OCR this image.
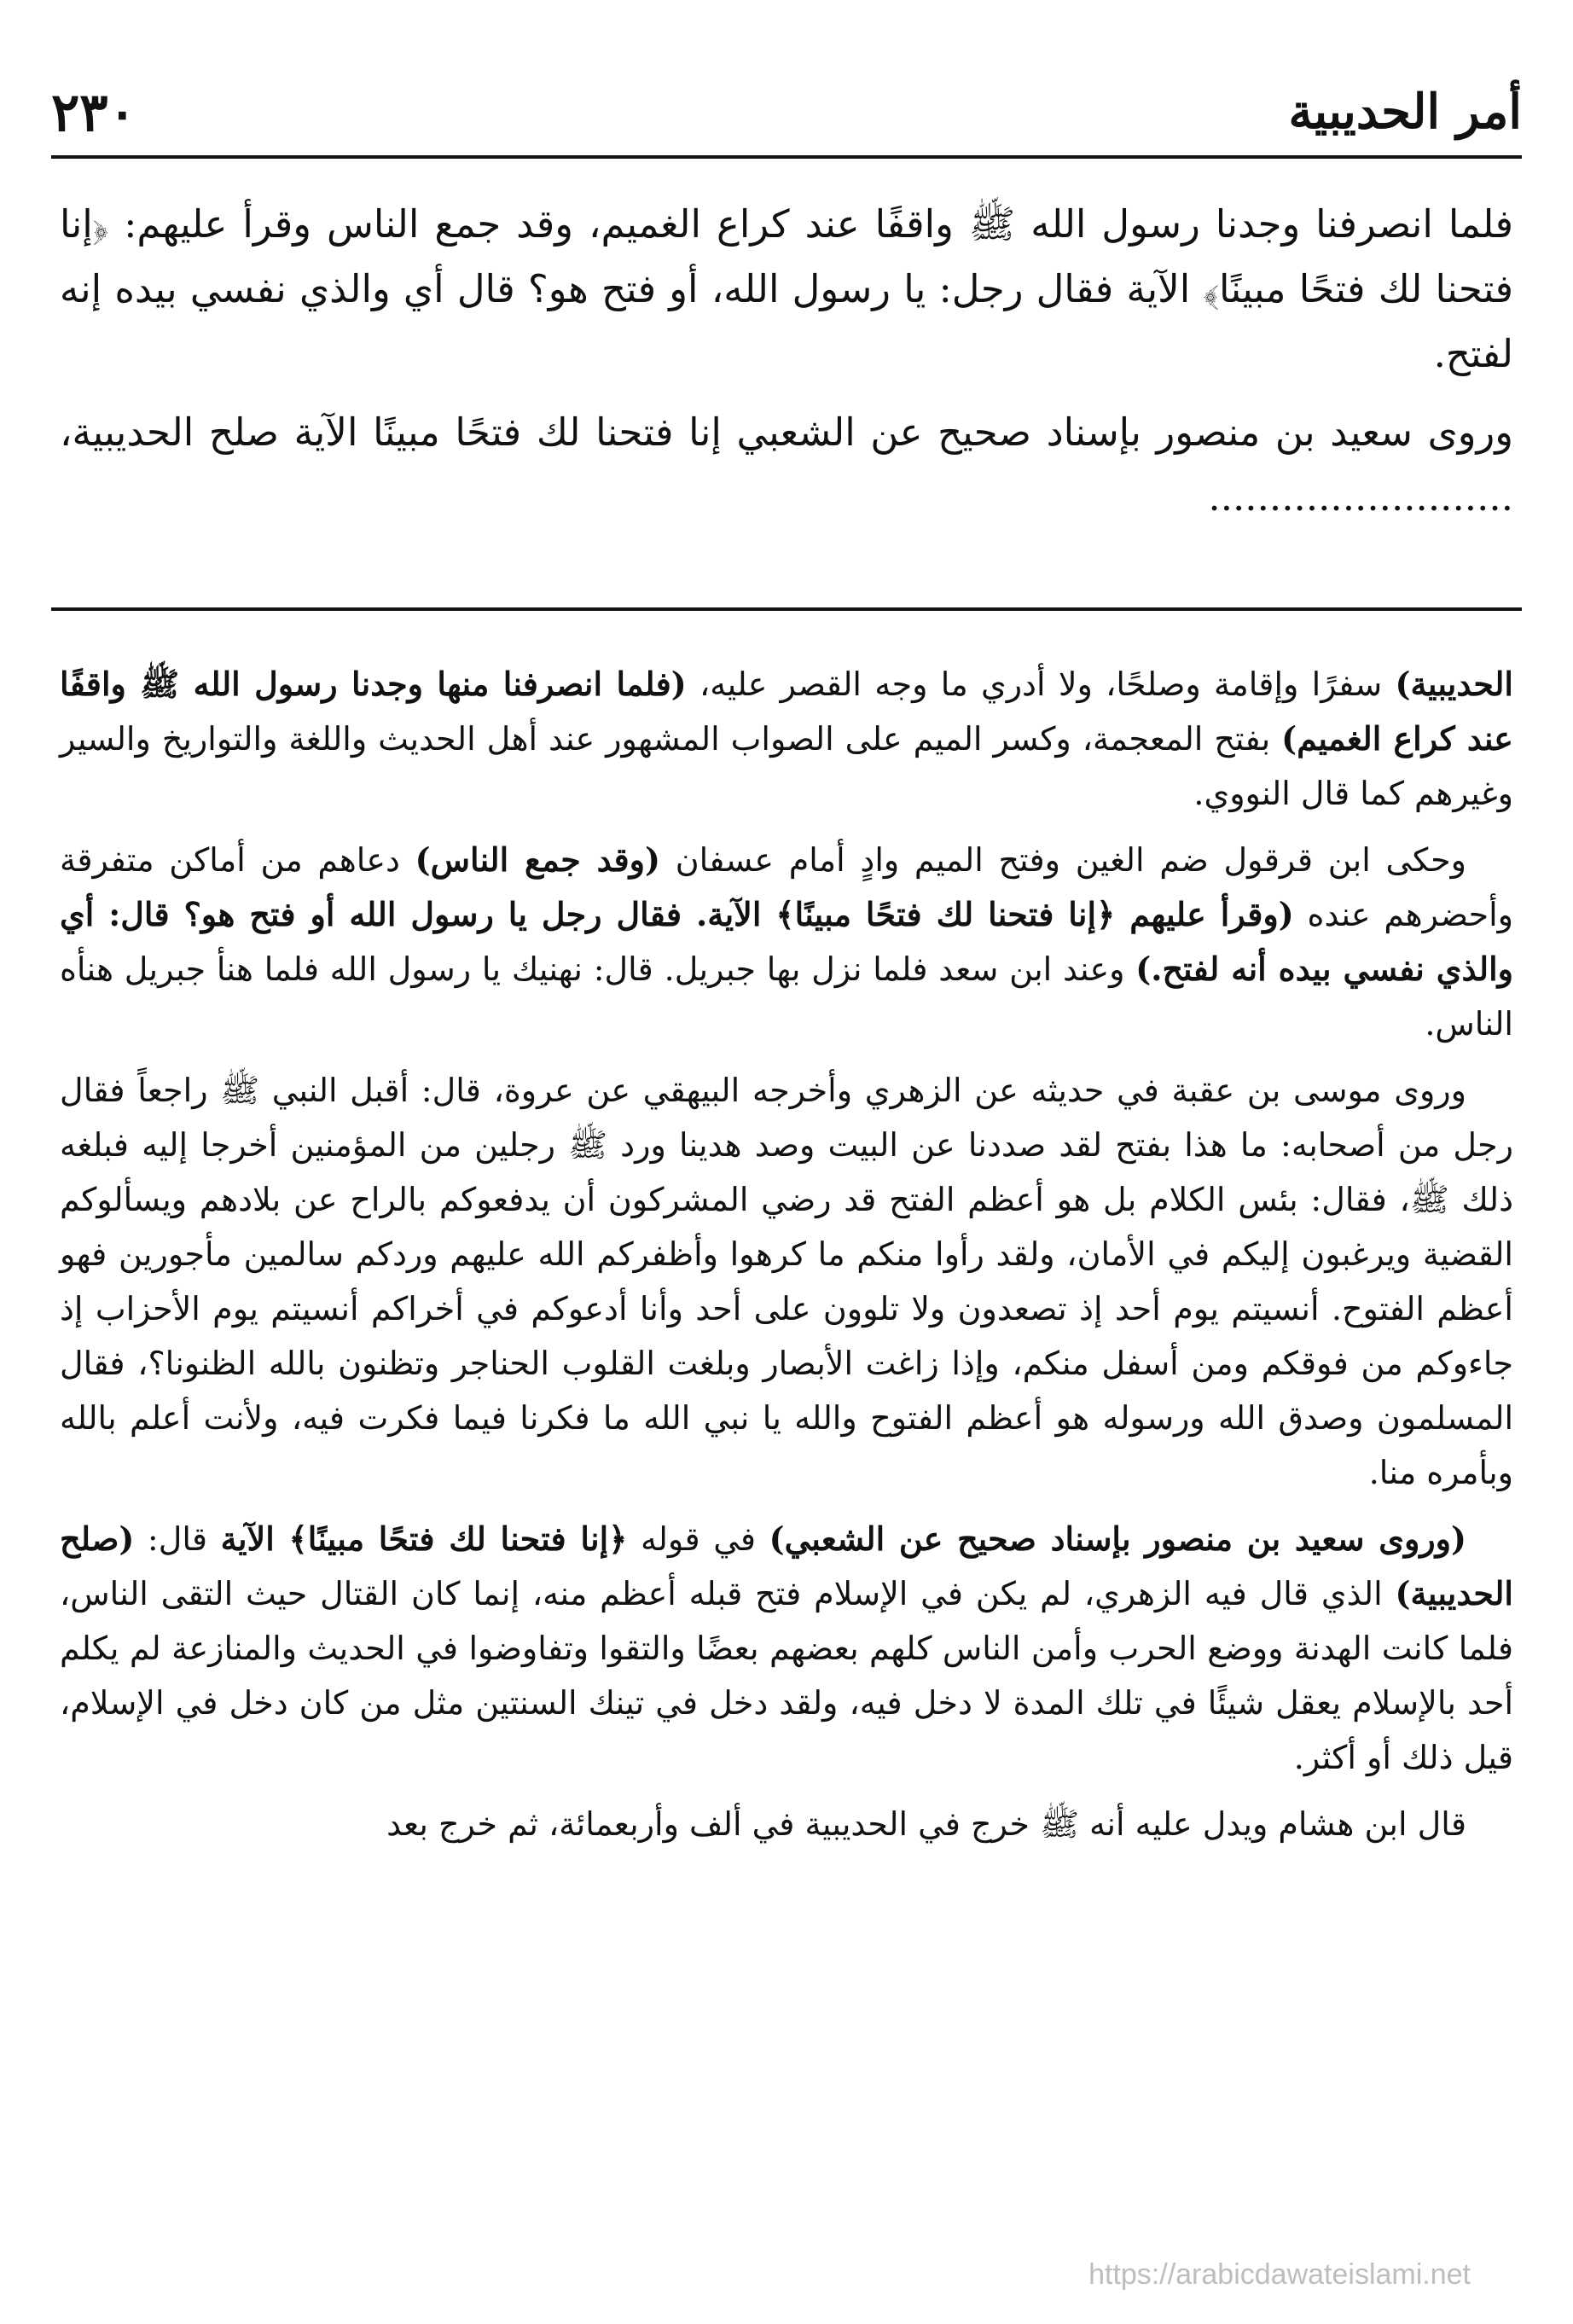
٢٣٠	أمر الحديبية

فلما انصرفنا وجدنا رسول الله ﷺ واقفًا عند كراع الغميم، وقد جمع الناس وقرأ عليهم: ﴿إنا فتحنا لك فتحًا مبينًا﴾ الآية فقال رجل: يا رسول الله، أو فتح هو؟ قال أي والذي نفسي بيده إنه لفتح.

وروى سعيد بن منصور بإسناد صحيح عن الشعبي إنا فتحنا لك فتحًا مبينًا الآية صلح الحديبية، .........................

الحديبية) سفرًا وإقامة وصلحًا، ولا أدري ما وجه القصر عليه، (فلما انصرفنا منها وجدنا رسول الله ﷺ واقفًا عند كراع الغميم) بفتح المعجمة، وكسر الميم على الصواب المشهور عند أهل الحديث واللغة والتواريخ والسير وغيرهم كما قال النووي.

وحكى ابن قرقول ضم الغين وفتح الميم وادٍ أمام عسفان (وقد جمع الناس) دعاهم من أماكن متفرقة وأحضرهم عنده (وقرأ عليهم ﴿إنا فتحنا لك فتحًا مبينًا﴾ الآية. فقال رجل يا رسول الله أو فتح هو؟ قال: أي والذي نفسي بيده أنه لفتح.) وعند ابن سعد فلما نزل بها جبريل. قال: نهنيك يا رسول الله فلما هنأ جبريل هنأه الناس.

وروى موسى بن عقبة في حديثه عن الزهري وأخرجه البيهقي عن عروة، قال: أقبل النبي ﷺ راجعاً فقال رجل من أصحابه: ما هذا بفتح لقد صددنا عن البيت وصد هدينا ورد ﷺ رجلين من المؤمنين أخرجا إليه فبلغه ذلك ﷺ، فقال: بئس الكلام بل هو أعظم الفتح قد رضي المشركون أن يدفعوكم بالراح عن بلادهم ويسألوكم القضية ويرغبون إليكم في الأمان، ولقد رأوا منكم ما كرهوا وأظفركم الله عليهم وردكم سالمين مأجورين فهو أعظم الفتوح. أنسيتم يوم أحد إذ تصعدون ولا تلوون على أحد وأنا أدعوكم في أخراكم أنسيتم يوم الأحزاب إذ جاءوكم من فوقكم ومن أسفل منكم، وإذا زاغت الأبصار وبلغت القلوب الحناجر وتظنون بالله الظنونا؟، فقال المسلمون وصدق الله ورسوله هو أعظم الفتوح والله يا نبي الله ما فكرنا فيما فكرت فيه، ولأنت أعلم بالله وبأمره منا.

(وروى سعيد بن منصور بإسناد صحيح عن الشعبي) في قوله ﴿إنا فتحنا لك فتحًا مبينًا﴾ الآية قال: (صلح الحديبية) الذي قال فيه الزهري، لم يكن في الإسلام فتح قبله أعظم منه، إنما كان القتال حيث التقى الناس، فلما كانت الهدنة ووضع الحرب وأمن الناس كلهم بعضهم بعضًا والتقوا وتفاوضوا في الحديث والمنازعة لم يكلم أحد بالإسلام يعقل شيئًا في تلك المدة لا دخل فيه، ولقد دخل في تينك السنتين مثل من كان دخل في الإسلام، قيل ذلك أو أكثر.

قال ابن هشام ويدل عليه أنه ﷺ خرج في الحديبية في ألف وأربعمائة، ثم خرج بعد

https://arabicdawateislami.net
